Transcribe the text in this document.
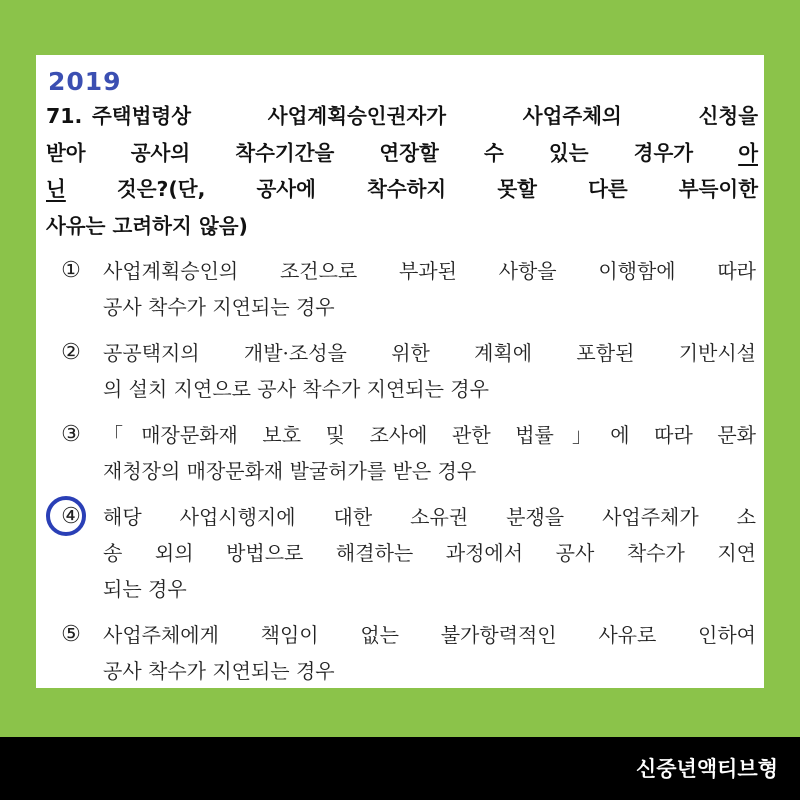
2019
71. 주택법령상 사업계획승인권자가 사업주체의 신청을
받아 공사의 착수기간을 연장할 수 있는 경우가 아
닌 것은?(단, 공사에 착수하지 못할 다른 부득이한
사유는 고려하지 않음)
① 사업계획승인의 조건으로 부과된 사항을 이행함에 따라
공사 착수가 지연되는 경우
② 공공택지의 개발·조성을 위한 계획에 포함된 기반시설
의 설치 지연으로 공사 착수가 지연되는 경우
③ 「매장문화재 보호 및 조사에 관한 법률」에 따라 문화
재청장의 매장문화재 발굴허가를 받은 경우
④ 해당 사업시행지에 대한 소유권 분쟁을 사업주체가 소
송 외의 방법으로 해결하는 과정에서 공사 착수가 지연
되는 경우
⑤ 사업주체에게 책임이 없는 불가항력적인 사유로 인하여
공사 착수가 지연되는 경우
신중년액티브형
